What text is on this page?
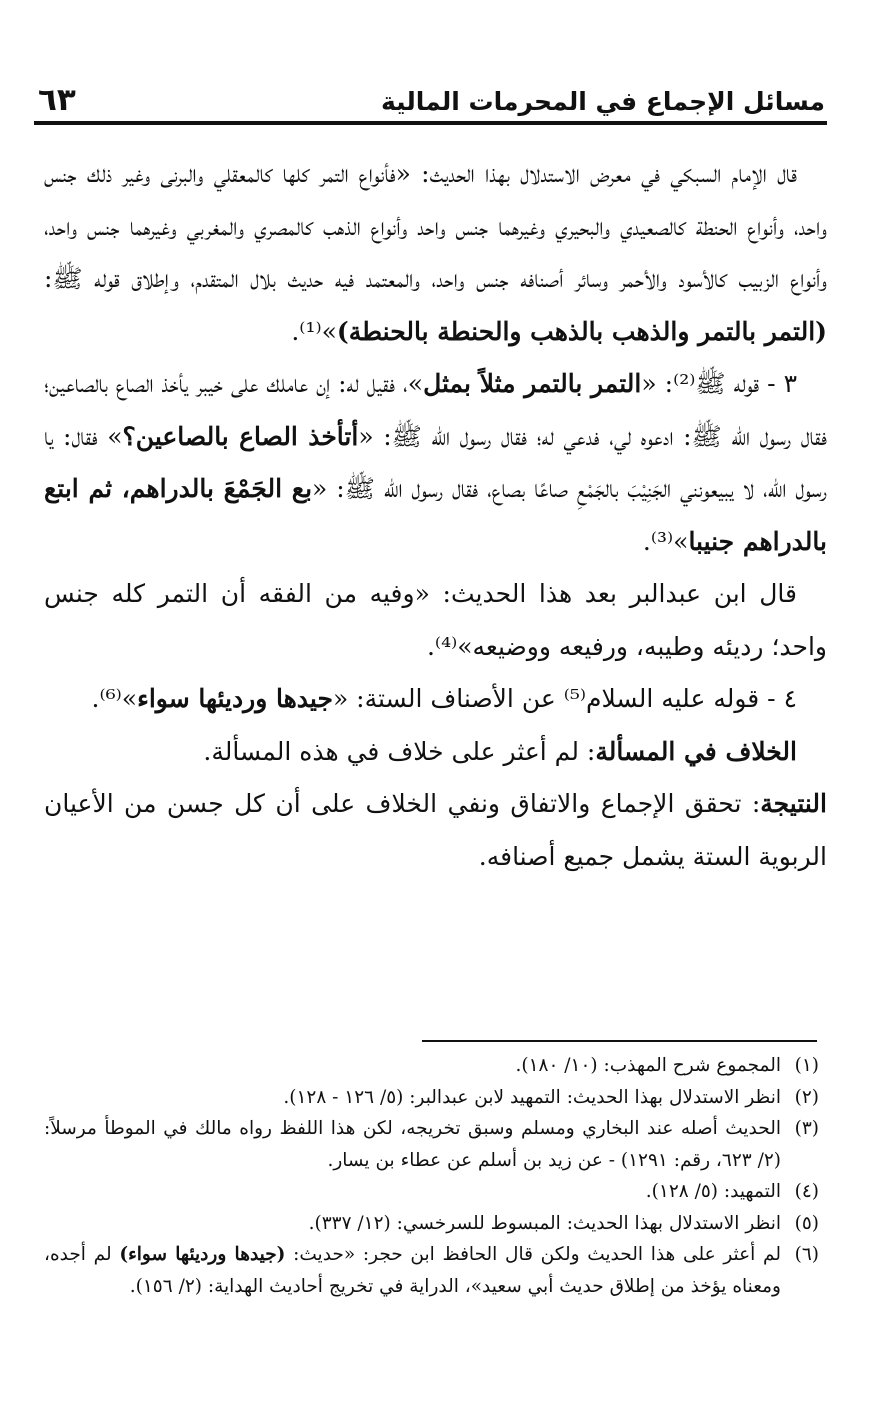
مسائل الإجماع في المحرمات المالية
٦٣

قال الإمام السبكي في معرض الاستدلال بهذا الحديث: «فأنواع التمر كلها كالمعقلي والبرنى وغير ذلك جنس واحد، وأنواع الحنطة كالصعيدي والبحيري وغيرهما جنس واحد وأنواع الذهب كالمصري والمغربي وغيرهما جنس واحد، وأنواع الزبيب كالأسود والأحمر وسائر أصنافه جنس واحد، والمعتمد فيه حديث بلال المتقدم، وإطلاق قوله ﷺ: (التمر بالتمر والذهب بالذهب والحنطة بالحنطة)»⁽¹⁾.

٣ - قوله ﷺ⁽²⁾: «التمر بالتمر مثلاً بمثل»، فقيل له: إن عاملك على خيبر يأخذ الصاع بالصاعين؛ فقال رسول الله ﷺ: ادعوه لي، فدعي له؛ فقال رسول الله ﷺ: «أتأخذ الصاع بالصاعين؟» فقال: يا رسول الله، لا يبيعونني الجَنِيْبَ بالجَمْعِ صاعًا بصاع، فقال رسول الله ﷺ: «بع الجَمْعَ بالدراهم، ثم ابتع بالدراهم جنيبا»⁽³⁾.

قال ابن عبدالبر بعد هذا الحديث: «وفيه من الفقه أن التمر كله جنس واحد؛ رديئه وطيبه، ورفيعه ووضيعه»⁽⁴⁾.

٤ - قوله عليه السلام⁽⁵⁾ عن الأصناف الستة: «جيدها ورديئها سواء»⁽⁶⁾.

الخلاف في المسألة: لم أعثر على خلاف في هذه المسألة.

النتيجة: تحقق الإجماع والاتفاق ونفي الخلاف على أن كل جسن من الأعيان الربوية الستة يشمل جميع أصنافه.

(١)
المجموع شرح المهذب: (١٠/ ١٨٠).
(٢)
انظر الاستدلال بهذا الحديث: التمهيد لابن عبدالبر: (٥/ ١٢٦ - ١٢٨).
(٣)
الحديث أصله عند البخاري ومسلم وسبق تخريجه، لكن هذا اللفظ رواه مالك في الموطأ مرسلاً: (٢/ ٦٢٣، رقم: ١٢٩١) - عن زيد بن أسلم عن عطاء بن يسار.
(٤)
التمهيد: (٥/ ١٢٨).
(٥)
انظر الاستدلال بهذا الحديث: المبسوط للسرخسي: (١٢/ ٣٣٧).
(٦)
لم أعثر على هذا الحديث ولكن قال الحافظ ابن حجر: «حديث: (جيدها ورديئها سواء) لم أجده، ومعناه يؤخذ من إطلاق حديث أبي سعيد»، الدراية في تخريج أحاديث الهداية: (٢/ ١٥٦).
